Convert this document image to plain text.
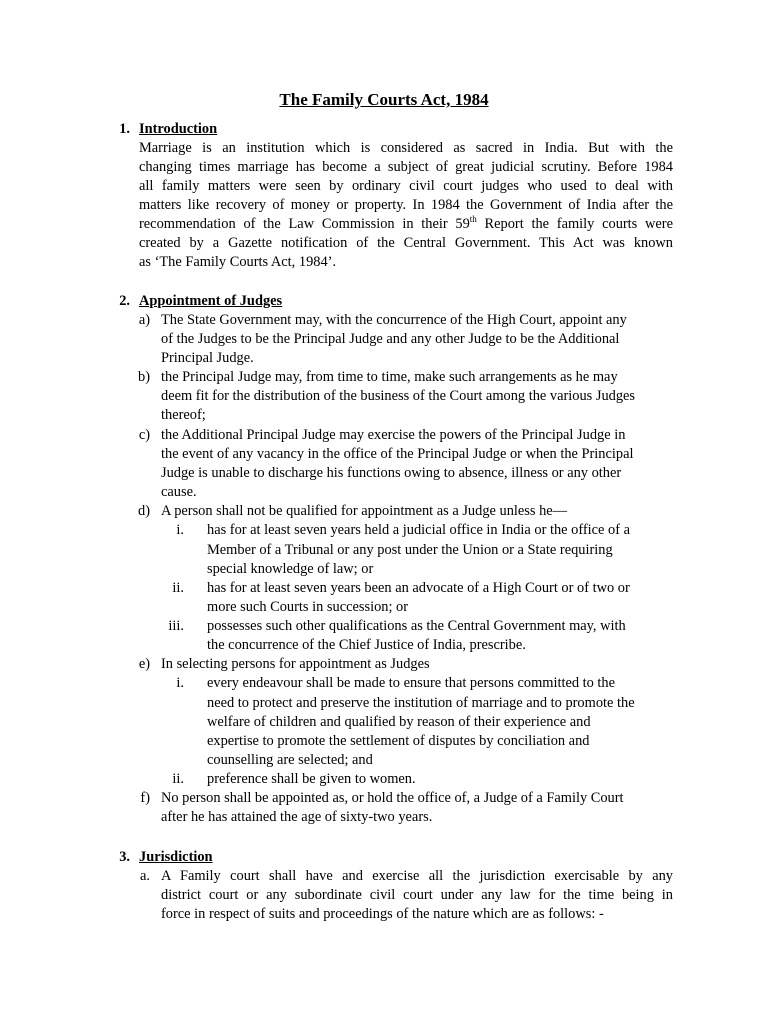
The Family Courts Act, 1984
1. Introduction
Marriage is an institution which is considered as sacred in India. But with the
changing times marriage has become a subject of great judicial scrutiny. Before 1984
all family matters were seen by ordinary civil court judges who used to deal with
matters like recovery of money or property. In 1984 the Government of India after the
recommendation of the Law Commission in their 59th Report the family courts were
created by a Gazette notification of the Central Government. This Act was known
as ‘The Family Courts Act, 1984’.
2. Appointment of Judges
a) The State Government may, with the concurrence of the High Court, appoint any
of the Judges to be the Principal Judge and any other Judge to be the Additional
Principal Judge.
b) the Principal Judge may, from time to time, make such arrangements as he may
deem fit for the distribution of the business of the Court among the various Judges
thereof;
c) the Additional Principal Judge may exercise the powers of the Principal Judge in
the event of any vacancy in the office of the Principal Judge or when the Principal
Judge is unable to discharge his functions owing to absence, illness or any other
cause.
d) A person shall not be qualified for appointment as a Judge unless he—
i. has for at least seven years held a judicial office in India or the office of a
Member of a Tribunal or any post under the Union or a State requiring
special knowledge of law; or
ii. has for at least seven years been an advocate of a High Court or of two or
more such Courts in succession; or
iii. possesses such other qualifications as the Central Government may, with
the concurrence of the Chief Justice of India, prescribe.
e) In selecting persons for appointment as Judges
i. every endeavour shall be made to ensure that persons committed to the
need to protect and preserve the institution of marriage and to promote the
welfare of children and qualified by reason of their experience and
expertise to promote the settlement of disputes by conciliation and
counselling are selected; and
ii. preference shall be given to women.
f) No person shall be appointed as, or hold the office of, a Judge of a Family Court
after he has attained the age of sixty-two years.
3. Jurisdiction
a. A Family court shall have and exercise all the jurisdiction exercisable by any
district court or any subordinate civil court under any law for the time being in
force in respect of suits and proceedings of the nature which are as follows: -
